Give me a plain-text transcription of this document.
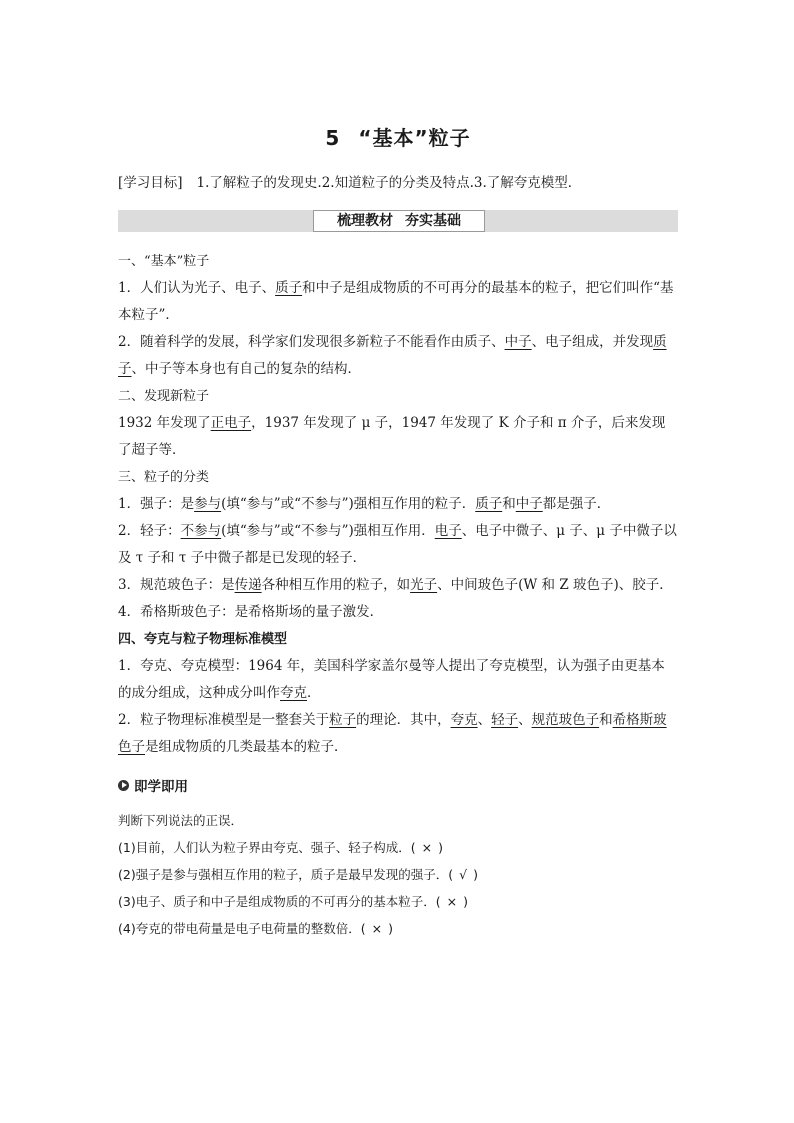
5 “基本”粒子
[学习目标] 1.了解粒子的发现史.2.知道粒子的分类及特点.3.了解夸克模型．
梳理教材 夯实基础

一、“基本”粒子

1．人们认为光子、电子、质子和中子是组成物质的不可再分的最基本的粒子，把它们叫作“基本粒子”．

2．随着科学的发展，科学家们发现很多新粒子不能看作由质子、中子、电子组成，并发现质子、中子等本身也有自己的复杂的结构．

二、发现新粒子

1932 年发现了正电子，1937 年发现了 μ 子，1947 年发现了 K 介子和 π 介子，后来发现了超子等．

三、粒子的分类

1．强子：是参与(填“参与”或“不参与”)强相互作用的粒子．质子和中子都是强子．

2．轻子：不参与(填“参与”或“不参与”)强相互作用．电子、电子中微子、μ 子、μ 子中微子以及 τ 子和 τ 子中微子都是已发现的轻子．

3．规范玻色子：是传递各种相互作用的粒子，如光子、中间玻色子(W 和 Z 玻色子)、胶子．

4．希格斯玻色子：是希格斯场的量子激发．

四、夸克与粒子物理标准模型

1．夸克、夸克模型：1964 年，美国科学家盖尔曼等人提出了夸克模型，认为强子由更基本的成分组成，这种成分叫作夸克．

2．粒子物理标准模型是一整套关于粒子的理论．其中，夸克、轻子、规范玻色子和希格斯玻色子是组成物质的几类最基本的粒子．

即学即用

判断下列说法的正误．

(1)目前，人们认为粒子界由夸克、强子、轻子构成．( × )

(2)强子是参与强相互作用的粒子，质子是最早发现的强子．( √ )

(3)电子、质子和中子是组成物质的不可再分的基本粒子．( × )

(4)夸克的带电荷量是电子电荷量的整数倍．( × )
